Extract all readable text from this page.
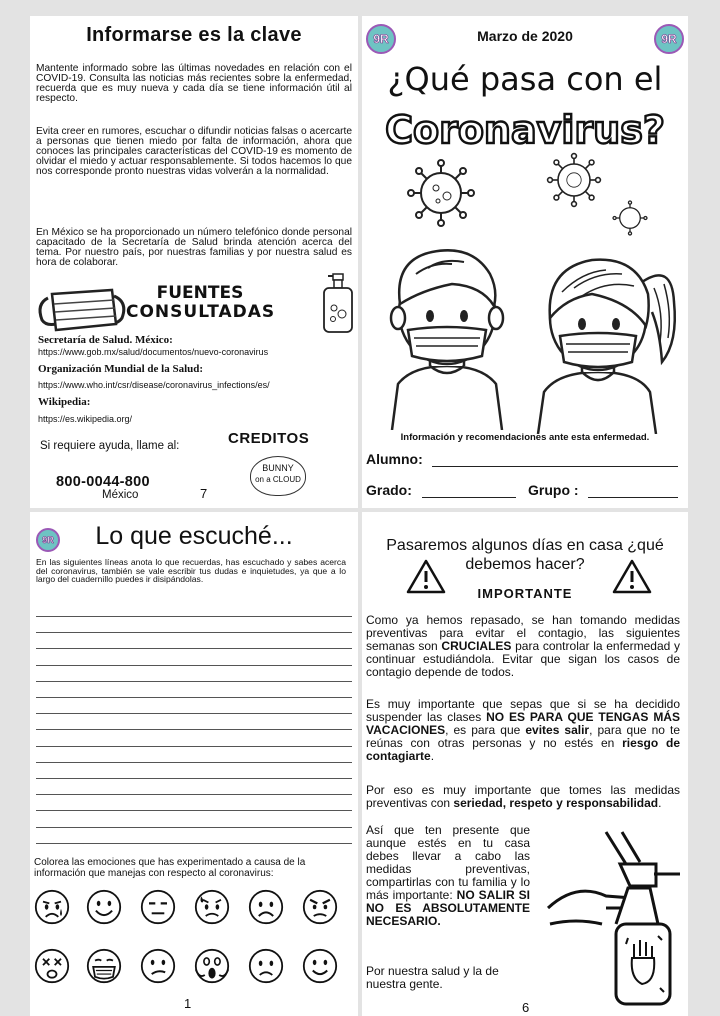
Informarse es la clave
Mantente informado sobre las últimas novedades en relación con el COVID-19. Consulta las noticias más recientes sobre la enfermedad, recuerda que es muy nueva y cada día se tiene información útil al respecto.
Evita creer en rumores, escuchar o difundir noticias falsas o acercarte a personas que tienen miedo por falta de información, ahora que conoces las principales características del COVID-19 es momento de olvidar el miedo y actuar responsablemente. Si todos hacemos lo que nos corresponde pronto nuestras vidas volverán a la normalidad.
En México se ha proporcionado un número telefónico donde personal capacitado de la Secretaría de Salud brinda atención acerca del tema. Por nuestro país, por nuestras familias y por nuestra salud es hora de colaborar.
FUENTES
CONSULTADAS
Secretaría de Salud. México:
https://www.gob.mx/salud/documentos/nuevo-coronavirus
Organización Mundial de la Salud:
https://www.who.int/csr/disease/coronavirus_infections/es/
Wikipedia:
https://es.wikipedia.org/
Si requiere ayuda, llame al:	CREDITOS
BUNNY
on a CLOUD
800-0044-800
México	7
9R	9R
Marzo de 2020
¿Qué pasa con el
Coronavirus?
Información y recomendaciones ante esta enfermedad.
Alumno:
Grado:	Grupo :
9R	Lo que escuché...
En las siguientes líneas anota lo que recuerdas, has escuchado y sabes acerca del coronavirus, también se vale escribir tus dudas e inquietudes, ya que a lo largo del cuadernillo puedes ir disipándolas.
Colorea las emociones que has experimentado a causa de la información que manejas con respecto al coronavirus:
1
Pasaremos algunos días en casa ¿qué debemos hacer?
IMPORTANTE
Como ya hemos repasado, se han tomando medidas preventivas para evitar el contagio, las siguientes semanas son CRUCIALES para controlar la enfermedad y continuar estudiándola. Evitar que sigan los casos de contagio depende de todos.
Es muy importante que sepas que si se ha decidido suspender las clases NO ES PARA QUE TENGAS MÁS VACACIONES, es para que evites salir, para que no te reúnas con otras personas y no estés en riesgo de contagiarte.
Por eso es muy importante que tomes las medidas preventivas con seriedad, respeto y responsabilidad.
Así que ten presente que aunque estés en tu casa debes llevar a cabo las medidas preventivas, compartirlas con tu familia y lo más importante: NO SALIR SI NO ES ABSOLUTAMENTE NECESARIO.
Por nuestra salud y la de nuestra gente.
6
